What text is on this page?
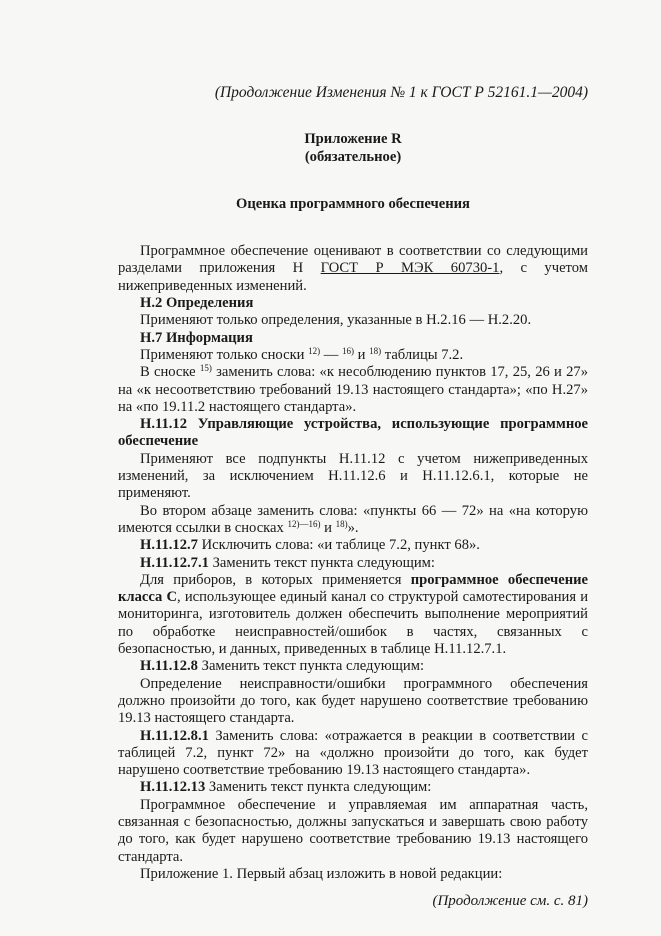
(Продолжение Изменения № 1 к ГОСТ Р 52161.1—2004)
Приложение R
(обязательное)
Оценка программного обеспечения

Программное обеспечение оценивают в соответствии со следующими разделами приложения Н ГОСТ Р МЭК 60730-1, с учетом нижеприведенных изменений.

Н.2 Определения

Применяют только определения, указанные в Н.2.16 — Н.2.20.

Н.7 Информация

Применяют только сноски $^{12)}$ — $^{16)}$ и $^{18)}$ таблицы 7.2.

В сноске $^{15)}$ заменить слова: «к несоблюдению пунктов 17, 25, 26 и 27» на «к несоответствию требований 19.13 настоящего стандарта»; «по Н.27» на «по 19.11.2 настоящего стандарта».

Н.11.12 Управляющие устройства, использующие программное обеспечение

Применяют все подпункты Н.11.12 с учетом нижеприведенных изменений, за исключением Н.11.12.6 и Н.11.12.6.1, которые не применяют.

Во втором абзаце заменить слова: «пункты 66 — 72» на «на которую имеются ссылки в сносках $^{12)—16)}$ и $^{18)}$».

Н.11.12.7 Исключить слова: «и таблице 7.2, пункт 68».

Н.11.12.7.1 Заменить текст пункта следующим:

Для приборов, в которых применяется программное обеспечение класса С, использующее единый канал со структурой самотестирования и мониторинга, изготовитель должен обеспечить выполнение мероприятий по обработке неисправностей/ошибок в частях, связанных с безопасностью, и данных, приведенных в таблице Н.11.12.7.1.

Н.11.12.8 Заменить текст пункта следующим:

Определение неисправности/ошибки программного обеспечения должно произойти до того, как будет нарушено соответствие требованию 19.13 настоящего стандарта.

Н.11.12.8.1 Заменить слова: «отражается в реакции в соответствии с таблицей 7.2, пункт 72» на «должно произойти до того, как будет нарушено соответствие требованию 19.13 настоящего стандарта».

Н.11.12.13 Заменить текст пункта следующим:

Программное обеспечение и управляемая им аппаратная часть, связанная с безопасностью, должны запускаться и завершать свою работу до того, как будет нарушено соответствие требованию 19.13 настоящего стандарта.

Приложение 1. Первый абзац изложить в новой редакции:

(Продолжение см. с. 81)
